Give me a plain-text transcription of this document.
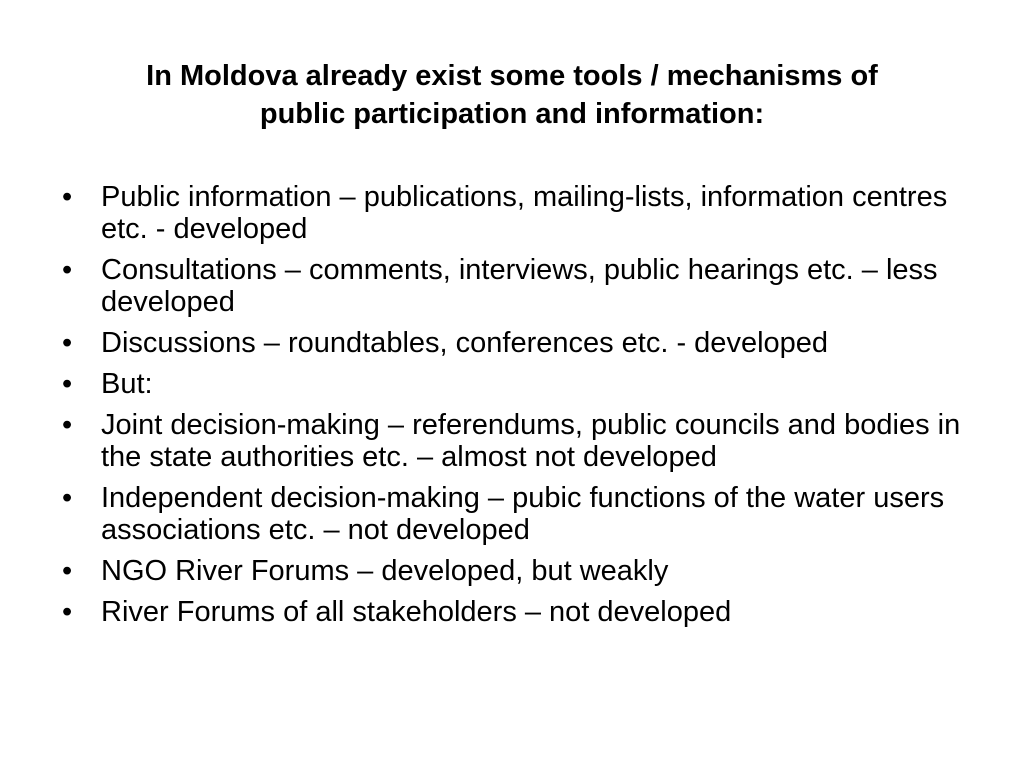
In Moldova already exist some tools / mechanisms of
public participation and information:
• Public information – publications, mailing-lists, information centres etc. - developed
• Consultations – comments, interviews, public hearings etc. – less developed
• Discussions – roundtables, conferences etc. - developed
• But:
• Joint decision-making – referendums, public councils and bodies in the state authorities etc. – almost not developed
• Independent decision-making – pubic functions of the water users associations etc. – not developed
• NGO River Forums – developed, but weakly
• River Forums of all stakeholders – not developed
